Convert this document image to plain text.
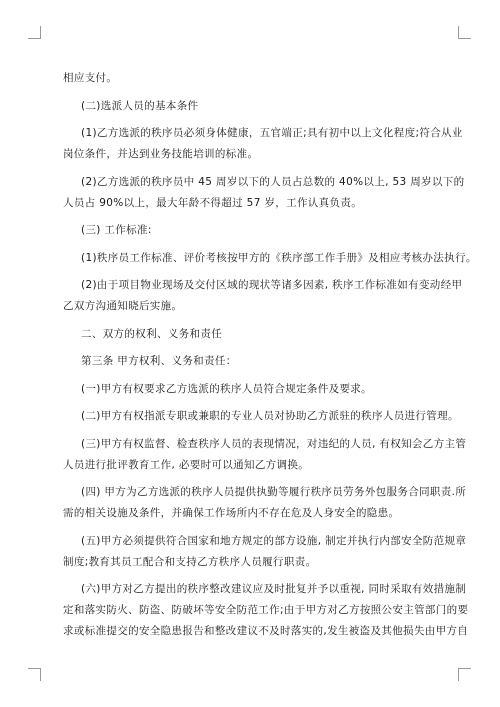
相应支付。

(二)选派人员的基本条件

(1)乙方选派的秩序员必须身体健康，五官端正;具有初中以上文化程度;符合从业

岗位条件，并达到业务技能培训的标准。

(2)乙方选派的秩序员中 45 周岁以下的人员占总数的 40%以上, 53 周岁以下的

人员占 90%以上，最大年龄不得超过 57 岁，工作认真负责。

(三) 工作标准:

(1)秩序员工作标准、评价考核按甲方的《秩序部工作手册》及相应考核办法执行。

(2)由于项目物业现场及交付区域的现状等诸多因素, 秩序工作标准如有变动经甲

乙双方沟通知晓后实施。

二、双方的权利、义务和责任

第三条 甲方权利、义务和责任：

(一)甲方有权要求乙方选派的秩序人员符合规定条件及要求。

(二)甲方有权指派专职或兼职的专业人员对协助乙方派驻的秩序人员进行管理。

(三)甲方有权监督、检查秩序人员的表现情况，对违纪的人员, 有权知会乙方主管

人员进行批评教育工作, 必要时可以通知乙方调换。

(四) 甲方为乙方选派的秩序人员提供执勤等履行秩序员劳务外包服务合同职责.所

需的相关设施及条件，并确保工作场所内不存在危及人身安全的隐患。

(五)甲方必须提供符合国家和地方规定的部方设施, 制定并执行内部安全防范规章

制度;教育其员工配合和支持乙方秩序人员履行职责。

(六)甲方对乙方提出的秩序整改建议应及时批复并予以重视, 同时采取有效措施制

定和落实防火、防盗、防破坏等安全防范工作;由于甲方对乙方按照公安主管部门的要

求或标准提交的安全隐患报告和整改建议不及时落实的,发生被盗及其他损失由甲方自
